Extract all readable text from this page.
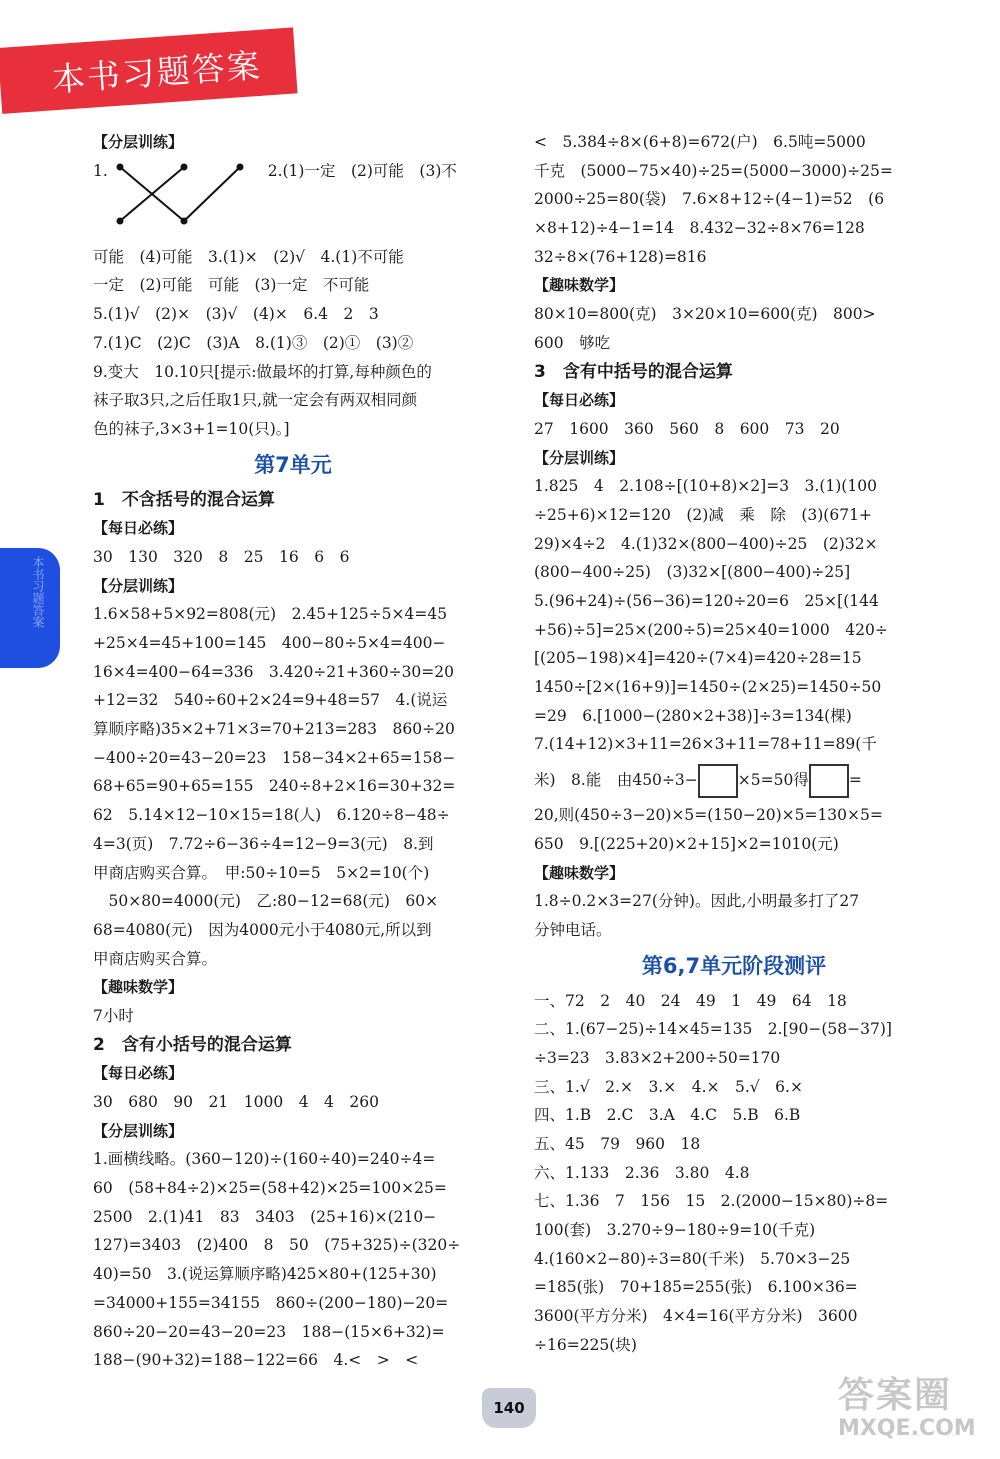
本书习题答案
本书习题答案
【分层训练】
1.　　　　　　　　　　 2.(1)一定　(2)可能　(3)不
可能　(4)可能　3.(1)×　(2)√　4.(1)不可能
一定　(2)可能　可能　(3)一定　不可能
5.(1)√　(2)×　(3)√　(4)×　6.4　2　3
7.(1)C　(2)C　(3)A　8.(1)③　(2)①　(3)②
9.变大　10.10只[提示:做最坏的打算,每种颜色的
袜子取3只,之后任取1只,就一定会有两双相同颜
色的袜子,3×3+1=10(只)。]
第7单元
1　不含括号的混合运算
【每日必练】
30　130　320　8　25　16　6　6
【分层训练】
1.6×58+5×92=808(元)　2.45+125÷5×4=45
+25×4=45+100=145　400−80÷5×4=400−
16×4=400−64=336　3.420÷21+360÷30=20
+12=32　540÷60+2×24=9+48=57　4.(说运
算顺序略)35×2+71×3=70+213=283　860÷20
−400÷20=43−20=23　158−34×2+65=158−
68+65=90+65=155　240÷8+2×16=30+32=
62　5.14×12−10×15=18(人)　6.120÷8−48÷
4=3(页)　7.72÷6−36÷4=12−9=3(元)　8.到
甲商店购买合算。　甲:50÷10=5　5×2=10(个)
　50×80=4000(元)　乙:80−12=68(元)　60×
68=4080(元)　因为4000元小于4080元,所以到
甲商店购买合算。
【趣味数学】
7小时
2　含有小括号的混合运算
【每日必练】
30　680　90　21　1000　4　4　260
【分层训练】
1.画横线略。(360−120)÷(160÷40)=240÷4=
60　(58+84÷2)×25=(58+42)×25=100×25=
2500　2.(1)41　83　3403　(25+16)×(210−
127)=3403　(2)400　8　50　(75+325)÷(320÷
40)=50　3.(说运算顺序略)425×80+(125+30)
=34000+155=34155　860÷(200−180)−20=
860÷20−20=43−20=23　188−(15×6+32)=
188−(90+32)=188−122=66　4.<　>　<
<　5.384÷8×(6+8)=672(户)　6.5吨=5000
千克　(5000−75×40)÷25=(5000−3000)÷25=
2000÷25=80(袋)　7.6×8+12÷(4−1)=52　(6
×8+12)÷4−1=14　8.432−32÷8×76=128
32÷8×(76+128)=816
【趣味数学】
80×10=800(克)　3×20×10=600(克)　800>
600　够吃
3　含有中括号的混合运算
【每日必练】
27　1600　360　560　8　600　73　20
【分层训练】
1.825　4　2.108÷[(10+8)×2]=3　3.(1)(100
÷25+6)×12=120　(2)减　乘　除　(3)(671+
29)×4÷2　4.(1)32×(800−400)÷25　(2)32×
(800−400÷25)　(3)32×[(800−400)÷25]
5.(96+24)÷(56−36)=120÷20=6　25×[(144
+56)÷5]=25×(200÷5)=25×40=1000　420÷
[(205−198)×4]=420÷(7×4)=420÷28=15
1450÷[2×(16+9)]=1450÷(2×25)=1450÷50
=29　6.[1000−(280×2+38)]÷3=134(棵)
7.(14+12)×3+11=26×3+11=78+11=89(千
米)　8.能　由450÷3−	×5=50得	=
20,则(450÷3−20)×5=(150−20)×5=130×5=
650　9.[(225+20)×2+15]×2=1010(元)
【趣味数学】
1.8÷0.2×3=27(分钟)。因此,小明最多打了27
分钟电话。
第6,7单元阶段测评
一、72　2　40　24　49　1　49　64　18
二、1.(67−25)÷14×45=135　2.[90−(58−37)]
÷3=23　3.83×2+200÷50=170
三、1.√　2.×　3.×　4.×　5.√　6.×
四、1.B　2.C　3.A　4.C　5.B　6.B
五、45　79　960　18
六、1.133　2.36　3.80　4.8
七、1.36　7　156　15　2.(2000−15×80)÷8=
100(套)　3.270÷9−180÷9=10(千克)
4.(160×2−80)÷3=80(千米)　5.70×3−25
=185(张)　70+185=255(张)　6.100×36=
3600(平方分米)　4×4=16(平方分米)　3600
÷16=225(块)
140	答案圈
MXQE.COM
